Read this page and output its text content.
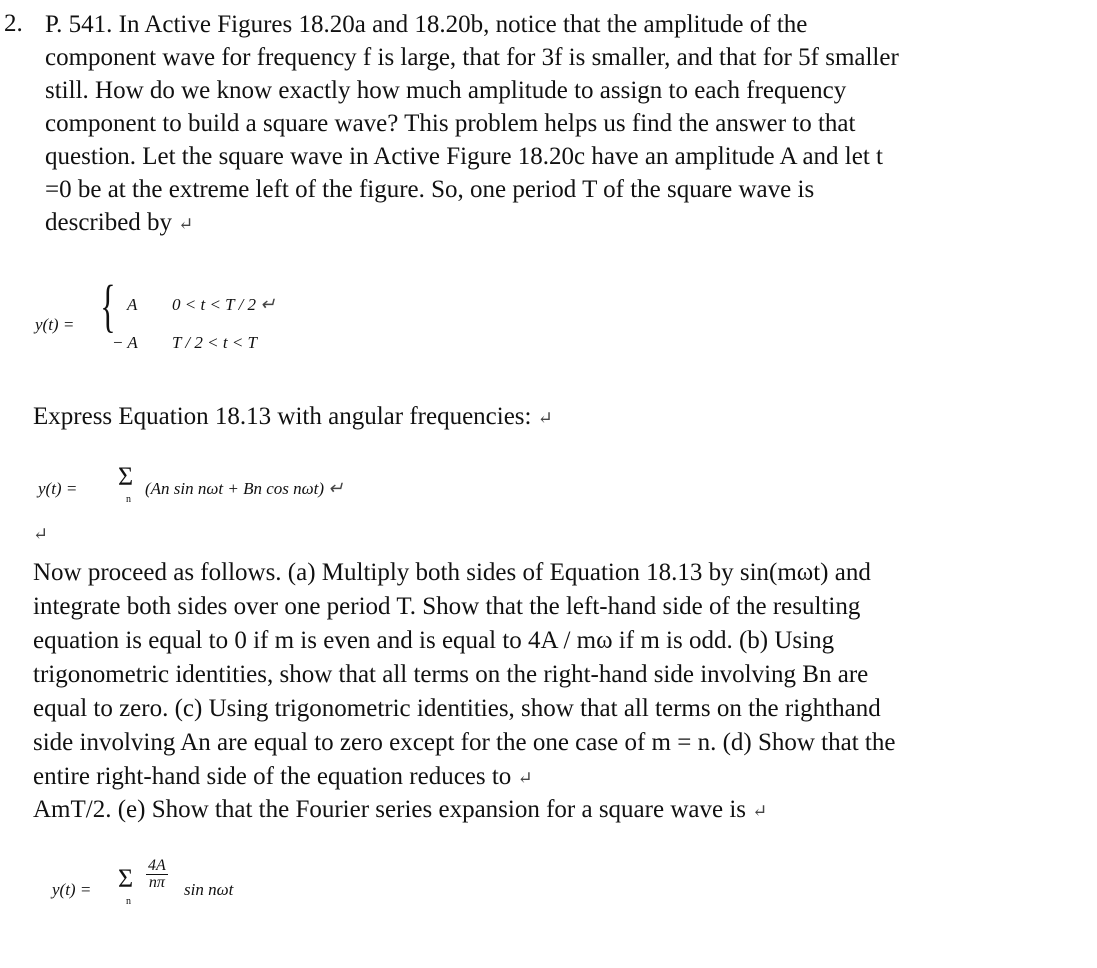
2. P. 541. In Active Figures 18.20a and 18.20b, notice that the amplitude of the
component wave for frequency f is large, that for 3f is smaller, and that for 5f smaller
still. How do we know exactly how much amplitude to assign to each frequency
component to build a square wave? This problem helps us find the answer to that
question. Let the square wave in Active Figure 18.20c have an amplitude A and let t
=0 be at the extreme left of the figure. So, one period T of the square wave is
described by ↵
y(t) = { A 0 < t < T / 2 ↵
− A T / 2 < t < T
Express Equation 18.13 with angular frequencies: ↵
y(t) = Σ
n
(An sin nωt + Bn cos nωt) ↵
↵
Now proceed as follows. (a) Multiply both sides of Equation 18.13 by sin(mωt) and
integrate both sides over one period T. Show that the left-hand side of the resulting
equation is equal to 0 if m is even and is equal to 4A / mω if m is odd. (b) Using
trigonometric identities, show that all terms on the right-hand side involving Bn are
equal to zero. (c) Using trigonometric identities, show that all terms on the righthand
side involving An are equal to zero except for the one case of m = n. (d) Show that the
entire right-hand side of the equation reduces to ↵
AmT/2. (e) Show that the Fourier series expansion for a square wave is ↵
y(t) = Σ
n
$\frac{4A}{n\pi}$ sin nωt
